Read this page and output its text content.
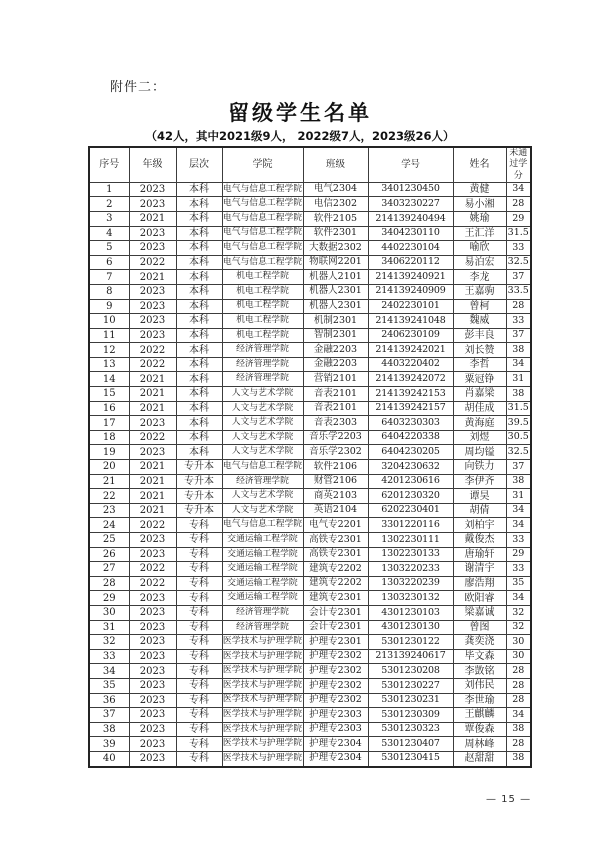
附件二：
留级学生名单
（42人，其中2021级9人， 2022级7人，2023级26人）
序号	年级	层次	学院	班级	学号	姓名	未通过学分
1	2023	本科	电气与信息工程学院	电气2304	3401230450	黄健	34
2	2023	本科	电气与信息工程学院	电信2302	3403230227	易小湘	28
3	2021	本科	电气与信息工程学院	软件2105	214139240494	姚瑜	29
4	2023	本科	电气与信息工程学院	软件2301	3404230110	王汇洋	31.5
5	2023	本科	电气与信息工程学院	大数据2302	4402230104	喻欣	33
6	2022	本科	电气与信息工程学院	物联网2201	3406220112	易泊宏	32.5
7	2021	本科	机电工程学院	机器人2101	214139240921	李龙	37
8	2023	本科	机电工程学院	机器人2301	214139240909	王嘉驹	33.5
9	2023	本科	机电工程学院	机器人2301	2402230101	曾柯	28
10	2023	本科	机电工程学院	机制2301	214139241048	魏威	33
11	2023	本科	机电工程学院	智制2301	2406230109	彭丰良	37
12	2022	本科	经济管理学院	金融2203	214139242021	刘长赞	38
13	2022	本科	经济管理学院	金融2203	4403220402	李哲	34
14	2021	本科	经济管理学院	营销2101	214139242072	粟冠铮	31
15	2021	本科	人文与艺术学院	音表2101	214139242153	肖嘉梁	38
16	2021	本科	人文与艺术学院	音表2101	214139242157	胡佳成	31.5
17	2023	本科	人文与艺术学院	音表2303	6403230303	黄海庭	39.5
18	2022	本科	人文与艺术学院	音乐学2203	6404220338	刘煜	30.5
19	2023	本科	人文与艺术学院	音乐学2302	6404230205	周均镒	32.5
20	2021	专升本	电气与信息工程学院	软件2106	3204230632	向铁力	37
21	2021	专升本	经济管理学院	财管2106	4201230616	李伊齐	38
22	2021	专升本	人文与艺术学院	商英2103	6201230320	谭昊	31
23	2021	专升本	人文与艺术学院	英语2104	6202230401	胡倩	34
24	2022	专科	电气与信息工程学院	电气专2201	3301220116	刘柏宇	34
25	2023	专科	交通运输工程学院	高铁专2301	1302230111	戴俊杰	33
26	2023	专科	交通运输工程学院	高铁专2301	1302230133	唐瑜轩	29
27	2022	专科	交通运输工程学院	建筑专2202	1303220233	谢清宇	33
28	2022	专科	交通运输工程学院	建筑专2202	1303220239	廖浩翔	35
29	2023	专科	交通运输工程学院	建筑专2301	1303230132	欧阳睿	34
30	2023	专科	经济管理学院	会计专2301	4301230103	梁嘉诚	32
31	2023	专科	经济管理学院	会计专2301	4301230130	曾图	32
32	2023	专科	医学技术与护理学院	护理专2301	5301230122	龚奕浇	30
33	2023	专科	医学技术与护理学院	护理专2302	213139240617	毕文森	30
34	2023	专科	医学技术与护理学院	护理专2302	5301230208	李敳铭	28
35	2023	专科	医学技术与护理学院	护理专2302	5301230227	刘伟民	28
36	2023	专科	医学技术与护理学院	护理专2302	5301230231	李世瑜	28
37	2023	专科	医学技术与护理学院	护理专2303	5301230309	王麒麟	34
38	2023	专科	医学技术与护理学院	护理专2303	5301230323	覃俊森	38
39	2023	专科	医学技术与护理学院	护理专2304	5301230407	周林峰	28
40	2023	专科	医学技术与护理学院	护理专2304	5301230415	赵甜甜	38
— 15 —
